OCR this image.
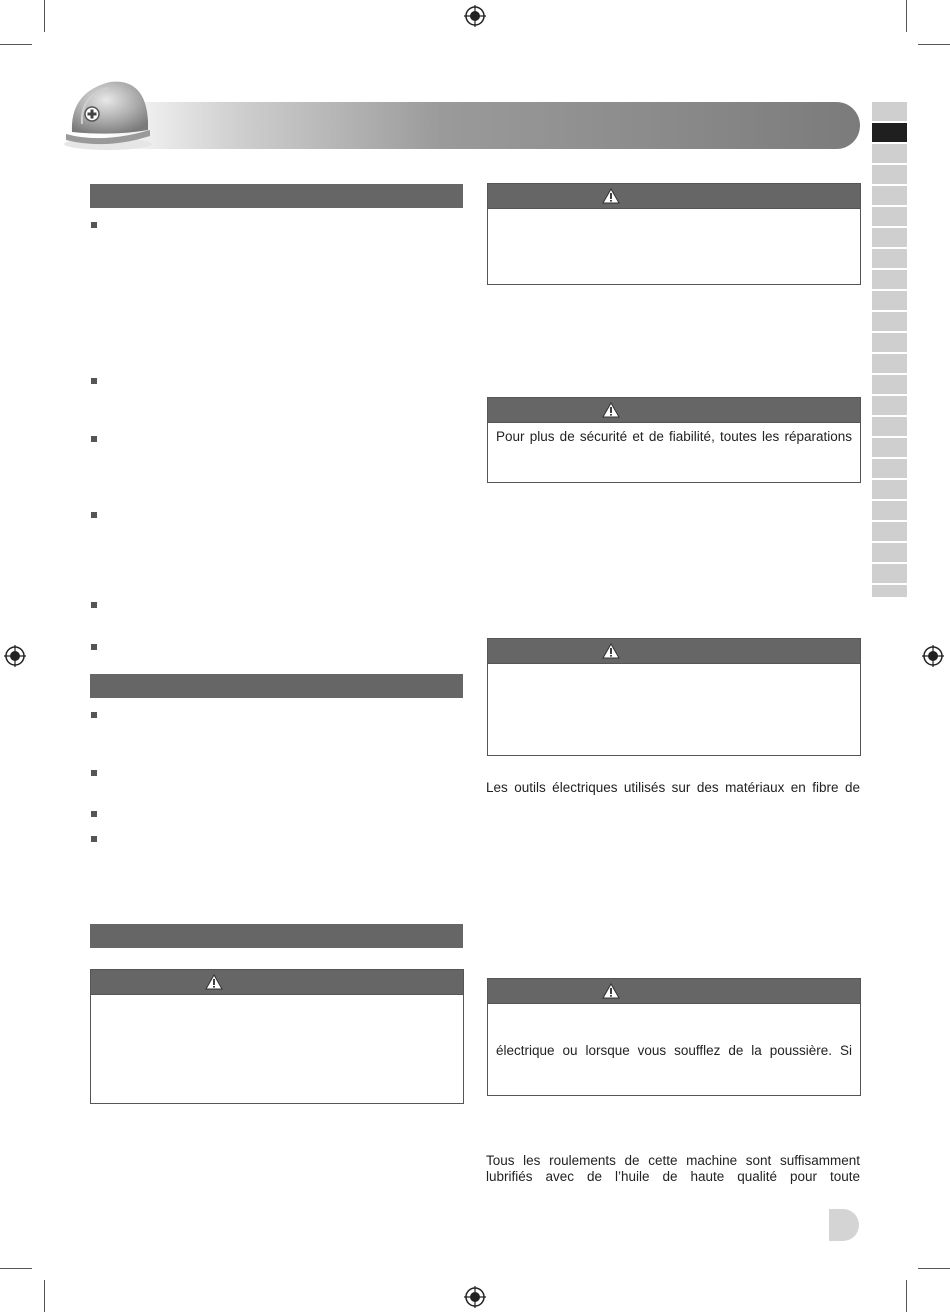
Pour plus de sécurité et de fiabilité, toutes les réparations
Les outils électriques utilisés sur des matériaux en fibre de
électrique ou lorsque vous soufflez de la poussière. Si
Tous les roulements de cette machine sont suffisamment
lubrifiés avec de l’huile de haute qualité pour toute
